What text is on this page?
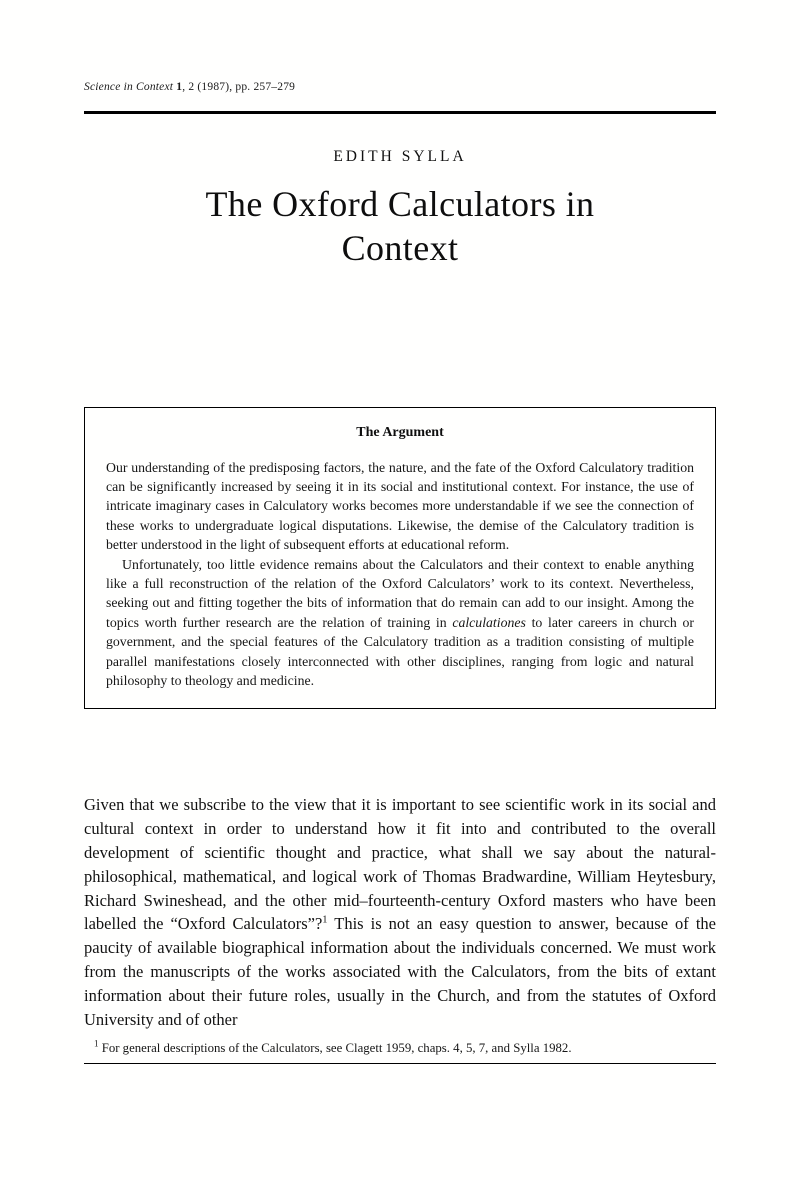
Science in Context 1, 2 (1987), pp. 257–279

EDITH SYLLA
The Oxford Calculators in
Context
The Argument

Our understanding of the predisposing factors, the nature, and the fate of the Oxford Calculatory tradition can be significantly increased by seeing it in its social and institutional context. For instance, the use of intricate imaginary cases in Calculatory works becomes more understandable if we see the connection of these works to undergraduate logical disputations. Likewise, the demise of the Calculatory tradition is better understood in the light of subsequent efforts at educational reform.

Unfortunately, too little evidence remains about the Calculators and their context to enable anything like a full reconstruction of the relation of the Oxford Calculators’ work to its context. Nevertheless, seeking out and fitting together the bits of information that do remain can add to our insight. Among the topics worth further research are the relation of training in calculationes to later careers in church or government, and the special features of the Calculatory tradition as a tradition consisting of multiple parallel manifestations closely interconnected with other disciplines, ranging from logic and natural philosophy to theology and medicine.

Given that we subscribe to the view that it is important to see scientific work in its social and cultural context in order to understand how it fit into and contributed to the overall development of scientific thought and practice, what shall we say about the natural-philosophical, mathematical, and logical work of Thomas Bradwardine, William Heytesbury, Richard Swineshead, and the other mid–fourteenth-century Oxford masters who have been labelled the “Oxford Calculators”?$^1$ This is not an easy question to answer, because of the paucity of available biographical information about the individuals concerned. We must work from the manuscripts of the works associated with the Calculators, from the bits of extant information about their future roles, usually in the Church, and from the statutes of Oxford University and of other

$^1$ For general descriptions of the Calculators, see Clagett 1959, chaps. 4, 5, 7, and Sylla 1982.
